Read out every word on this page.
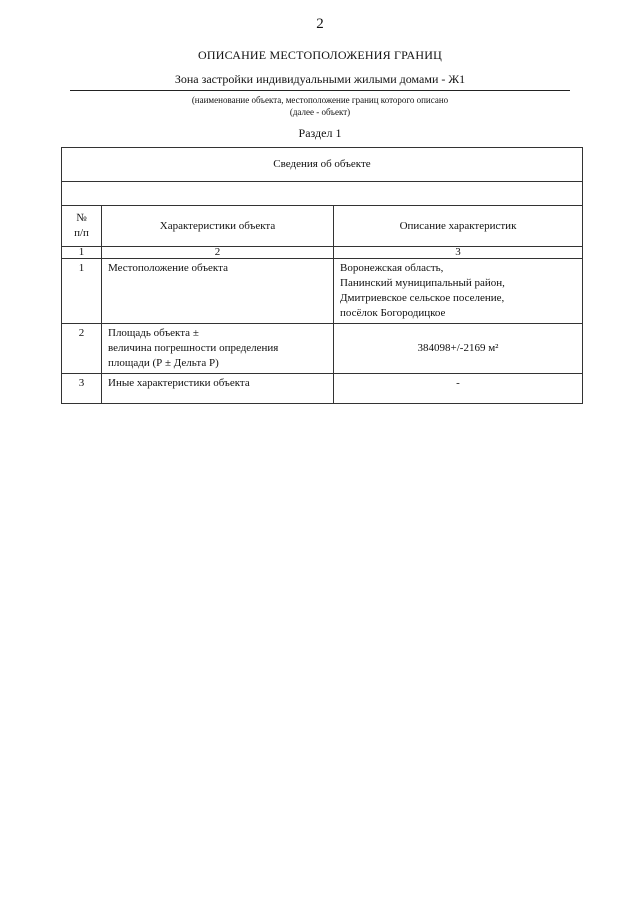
2
ОПИСАНИЕ МЕСТОПОЛОЖЕНИЯ ГРАНИЦ
Зона застройки индивидуальными жилыми домами - Ж1
(наименование объекта, местоположение границ которого описано
(далее - объект)
Раздел 1
Сведения об объекте		

№
п/п	Характеристики объекта	Описание характеристик
1	2	3
1	Местоположение объекта	Воронежская область,
Панинский муниципальный район,
Дмитриевское сельское поселение,
посёлок Богородицкое

2	Площадь объекта ±
величина погрешности определения
площади (Р ± Дельта Р)	384098+/-2169 м²
3	Иные характеристики объекта	-
